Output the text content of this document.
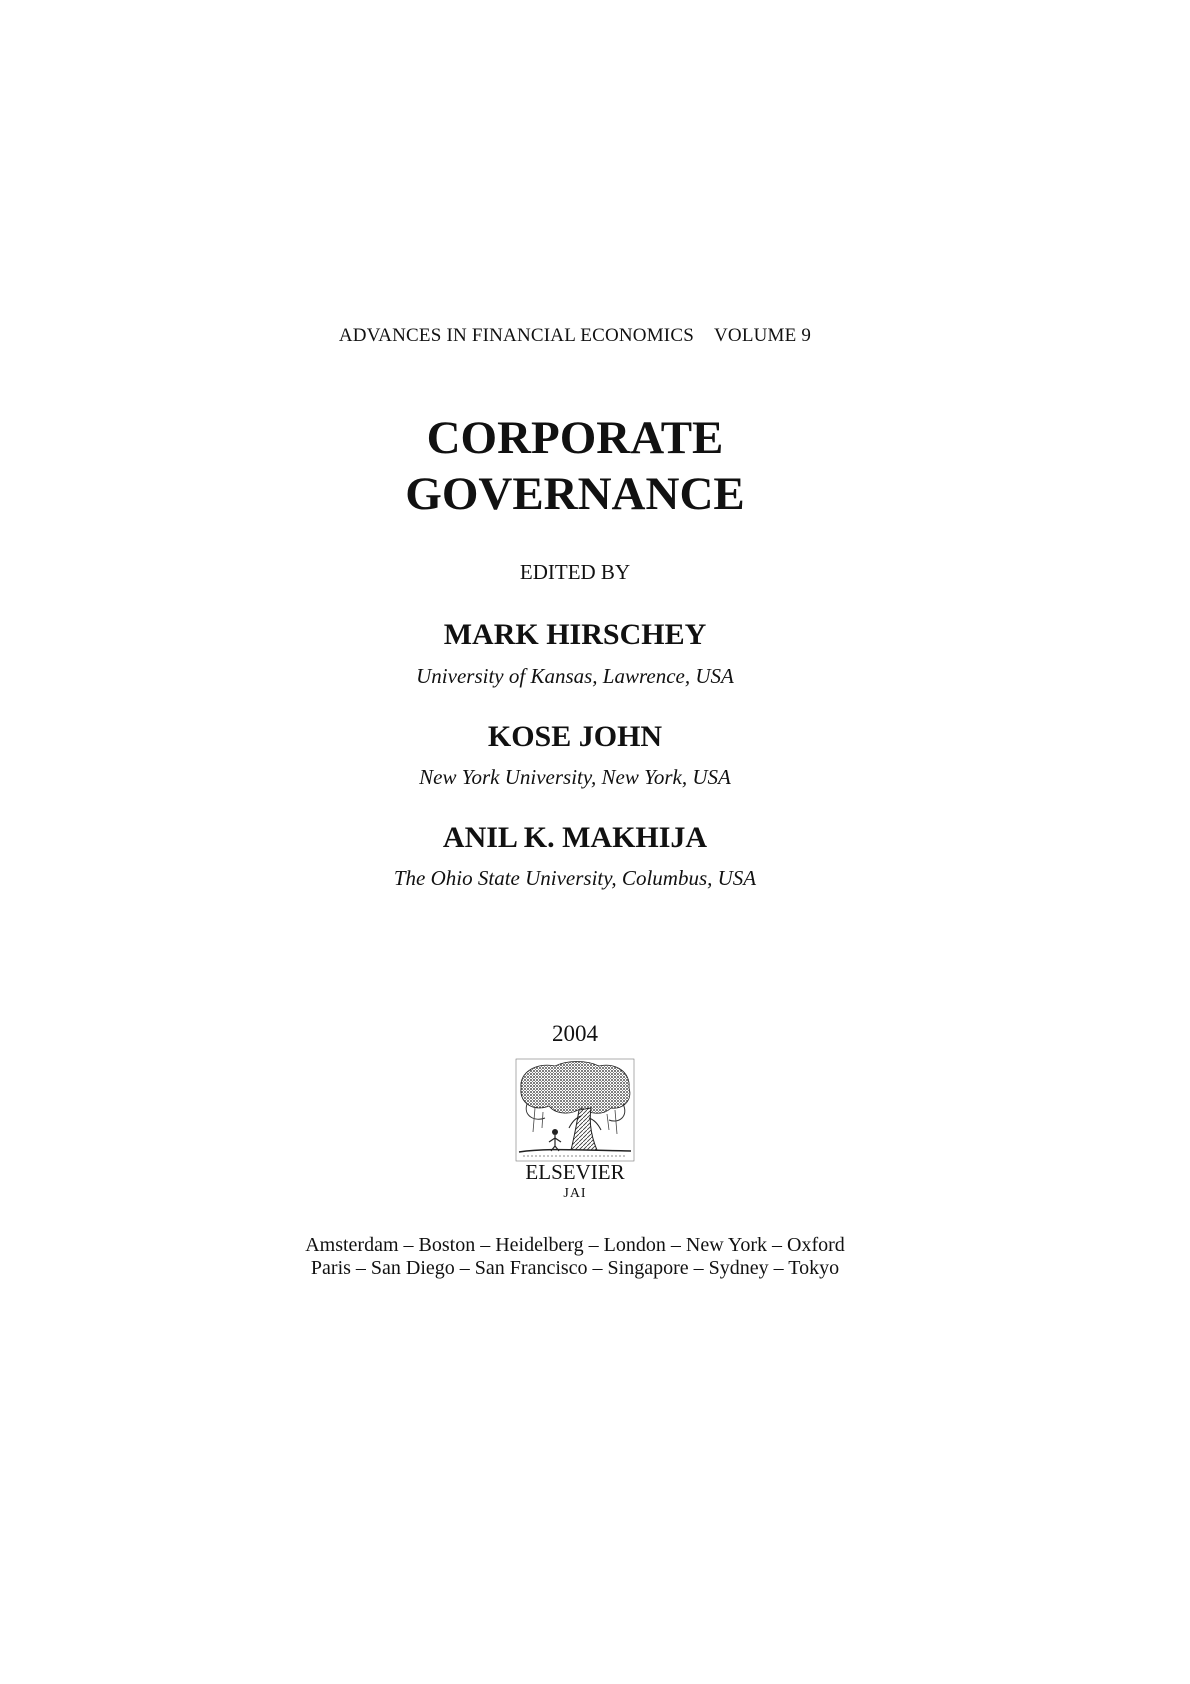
ADVANCES IN FINANCIAL ECONOMICS VOLUME 9
CORPORATE
GOVERNANCE
EDITED BY
MARK HIRSCHEY
University of Kansas, Lawrence, USA
KOSE JOHN
New York University, New York, USA
ANIL K. MAKHIJA
The Ohio State University, Columbus, USA
2004
ELSEVIER
JAI
Amsterdam – Boston – Heidelberg – London – New York – Oxford
Paris – San Diego – San Francisco – Singapore – Sydney – Tokyo
